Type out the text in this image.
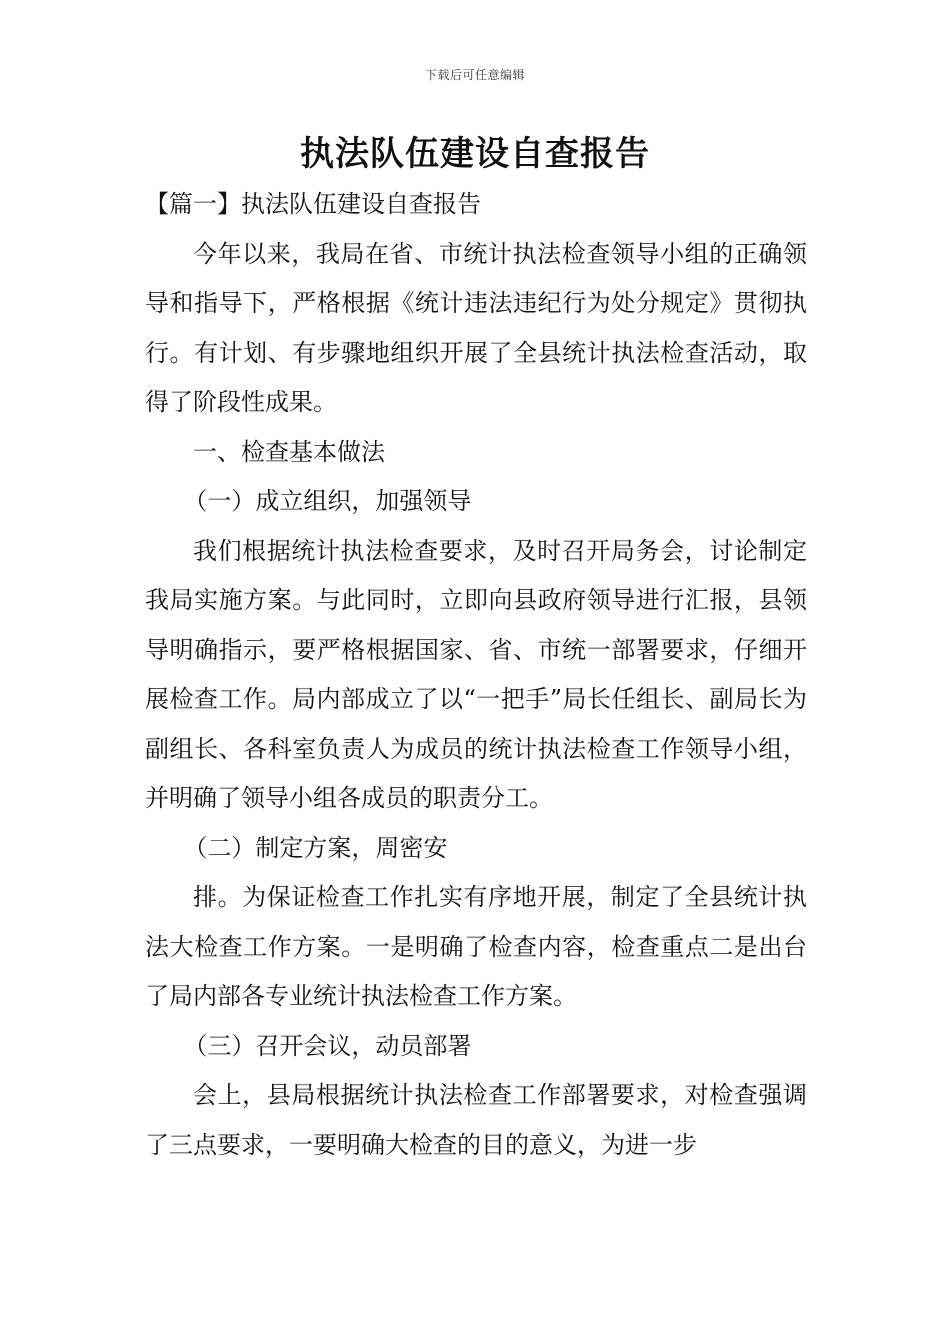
下载后可任意编辑
执法队伍建设自查报告

【篇一】执法队伍建设自查报告

今年以来，我局在省、市统计执法检查领导小组的正确领导和指导下，严格根据《统计违法违纪行为处分规定》贯彻执行。有计划、有步骤地组织开展了全县统计执法检查活动，取得了阶段性成果。

一、检查基本做法

（一）成立组织，加强领导

我们根据统计执法检查要求，及时召开局务会，讨论制定我局实施方案。与此同时，立即向县政府领导进行汇报，县领导明确指示，要严格根据国家、省、市统一部署要求，仔细开展检查工作。局内部成立了以“一把手”局长任组长、副局长为副组长、各科室负责人为成员的统计执法检查工作领导小组，并明确了领导小组各成员的职责分工。

（二）制定方案，周密安

排。为保证检查工作扎实有序地开展，制定了全县统计执法大检查工作方案。一是明确了检查内容，检查重点二是出台了局内部各专业统计执法检查工作方案。

（三）召开会议，动员部署

会上，县局根据统计执法检查工作部署要求，对检查强调了三点要求，一要明确大检查的目的意义，为进一步
